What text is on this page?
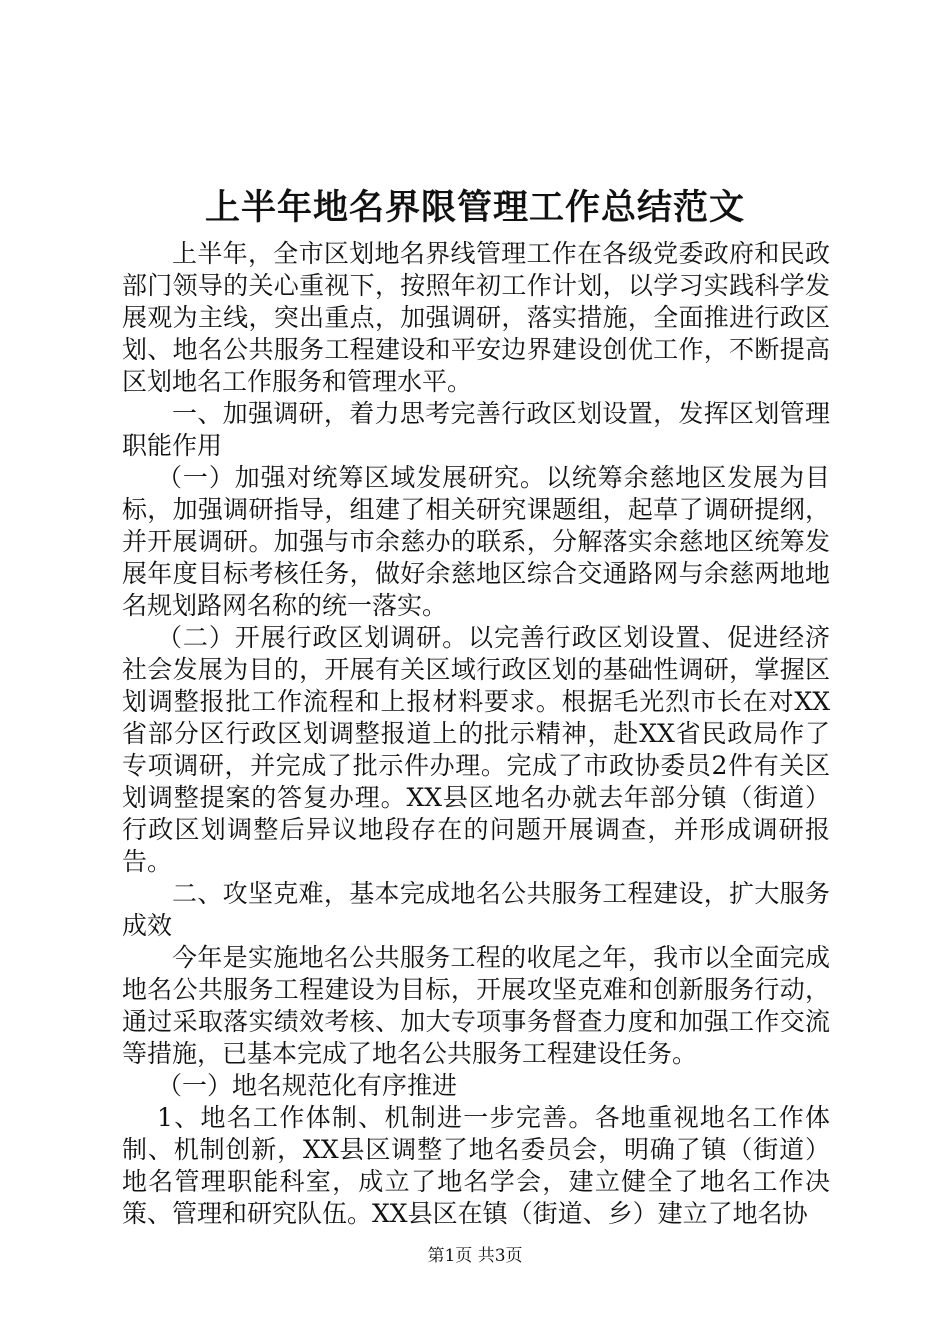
上半年地名界限管理工作总结范文

上半年，全市区划地名界线管理工作在各级党委政府和民政部门领导的关心重视下，按照年初工作计划，以学习实践科学发展观为主线，突出重点，加强调研，落实措施，全面推进行政区划、地名公共服务工程建设和平安边界建设创优工作，不断提高区划地名工作服务和管理水平。

一、加强调研，着力思考完善行政区划设置，发挥区划管理职能作用

（一）加强对统筹区域发展研究。以统筹余慈地区发展为目标，加强调研指导，组建了相关研究课题组，起草了调研提纲，并开展调研。加强与市余慈办的联系，分解落实余慈地区统筹发展年度目标考核任务，做好余慈地区综合交通路网与余慈两地地名规划路网名称的统一落实。

（二）开展行政区划调研。以完善行政区划设置、促进经济社会发展为目的，开展有关区域行政区划的基础性调研，掌握区划调整报批工作流程和上报材料要求。根据毛光烈市长在对XX省部分区行政区划调整报道上的批示精神，赴XX省民政局作了专项调研，并完成了批示件办理。完成了市政协委员2件有关区划调整提案的答复办理。XX县区地名办就去年部分镇（街道）行政区划调整后异议地段存在的问题开展调查，并形成调研报告。

二、攻坚克难，基本完成地名公共服务工程建设，扩大服务成效

今年是实施地名公共服务工程的收尾之年，我市以全面完成地名公共服务工程建设为目标，开展攻坚克难和创新服务行动，通过采取落实绩效考核、加大专项事务督查力度和加强工作交流等措施，已基本完成了地名公共服务工程建设任务。

（一）地名规范化有序推进

1、地名工作体制、机制进一步完善。各地重视地名工作体制、机制创新，XX县区调整了地名委员会，明确了镇（街道）地名管理职能科室，成立了地名学会，建立健全了地名工作决策、管理和研究队伍。XX县区在镇（街道、乡）建立了地名协

第1页 共3页
